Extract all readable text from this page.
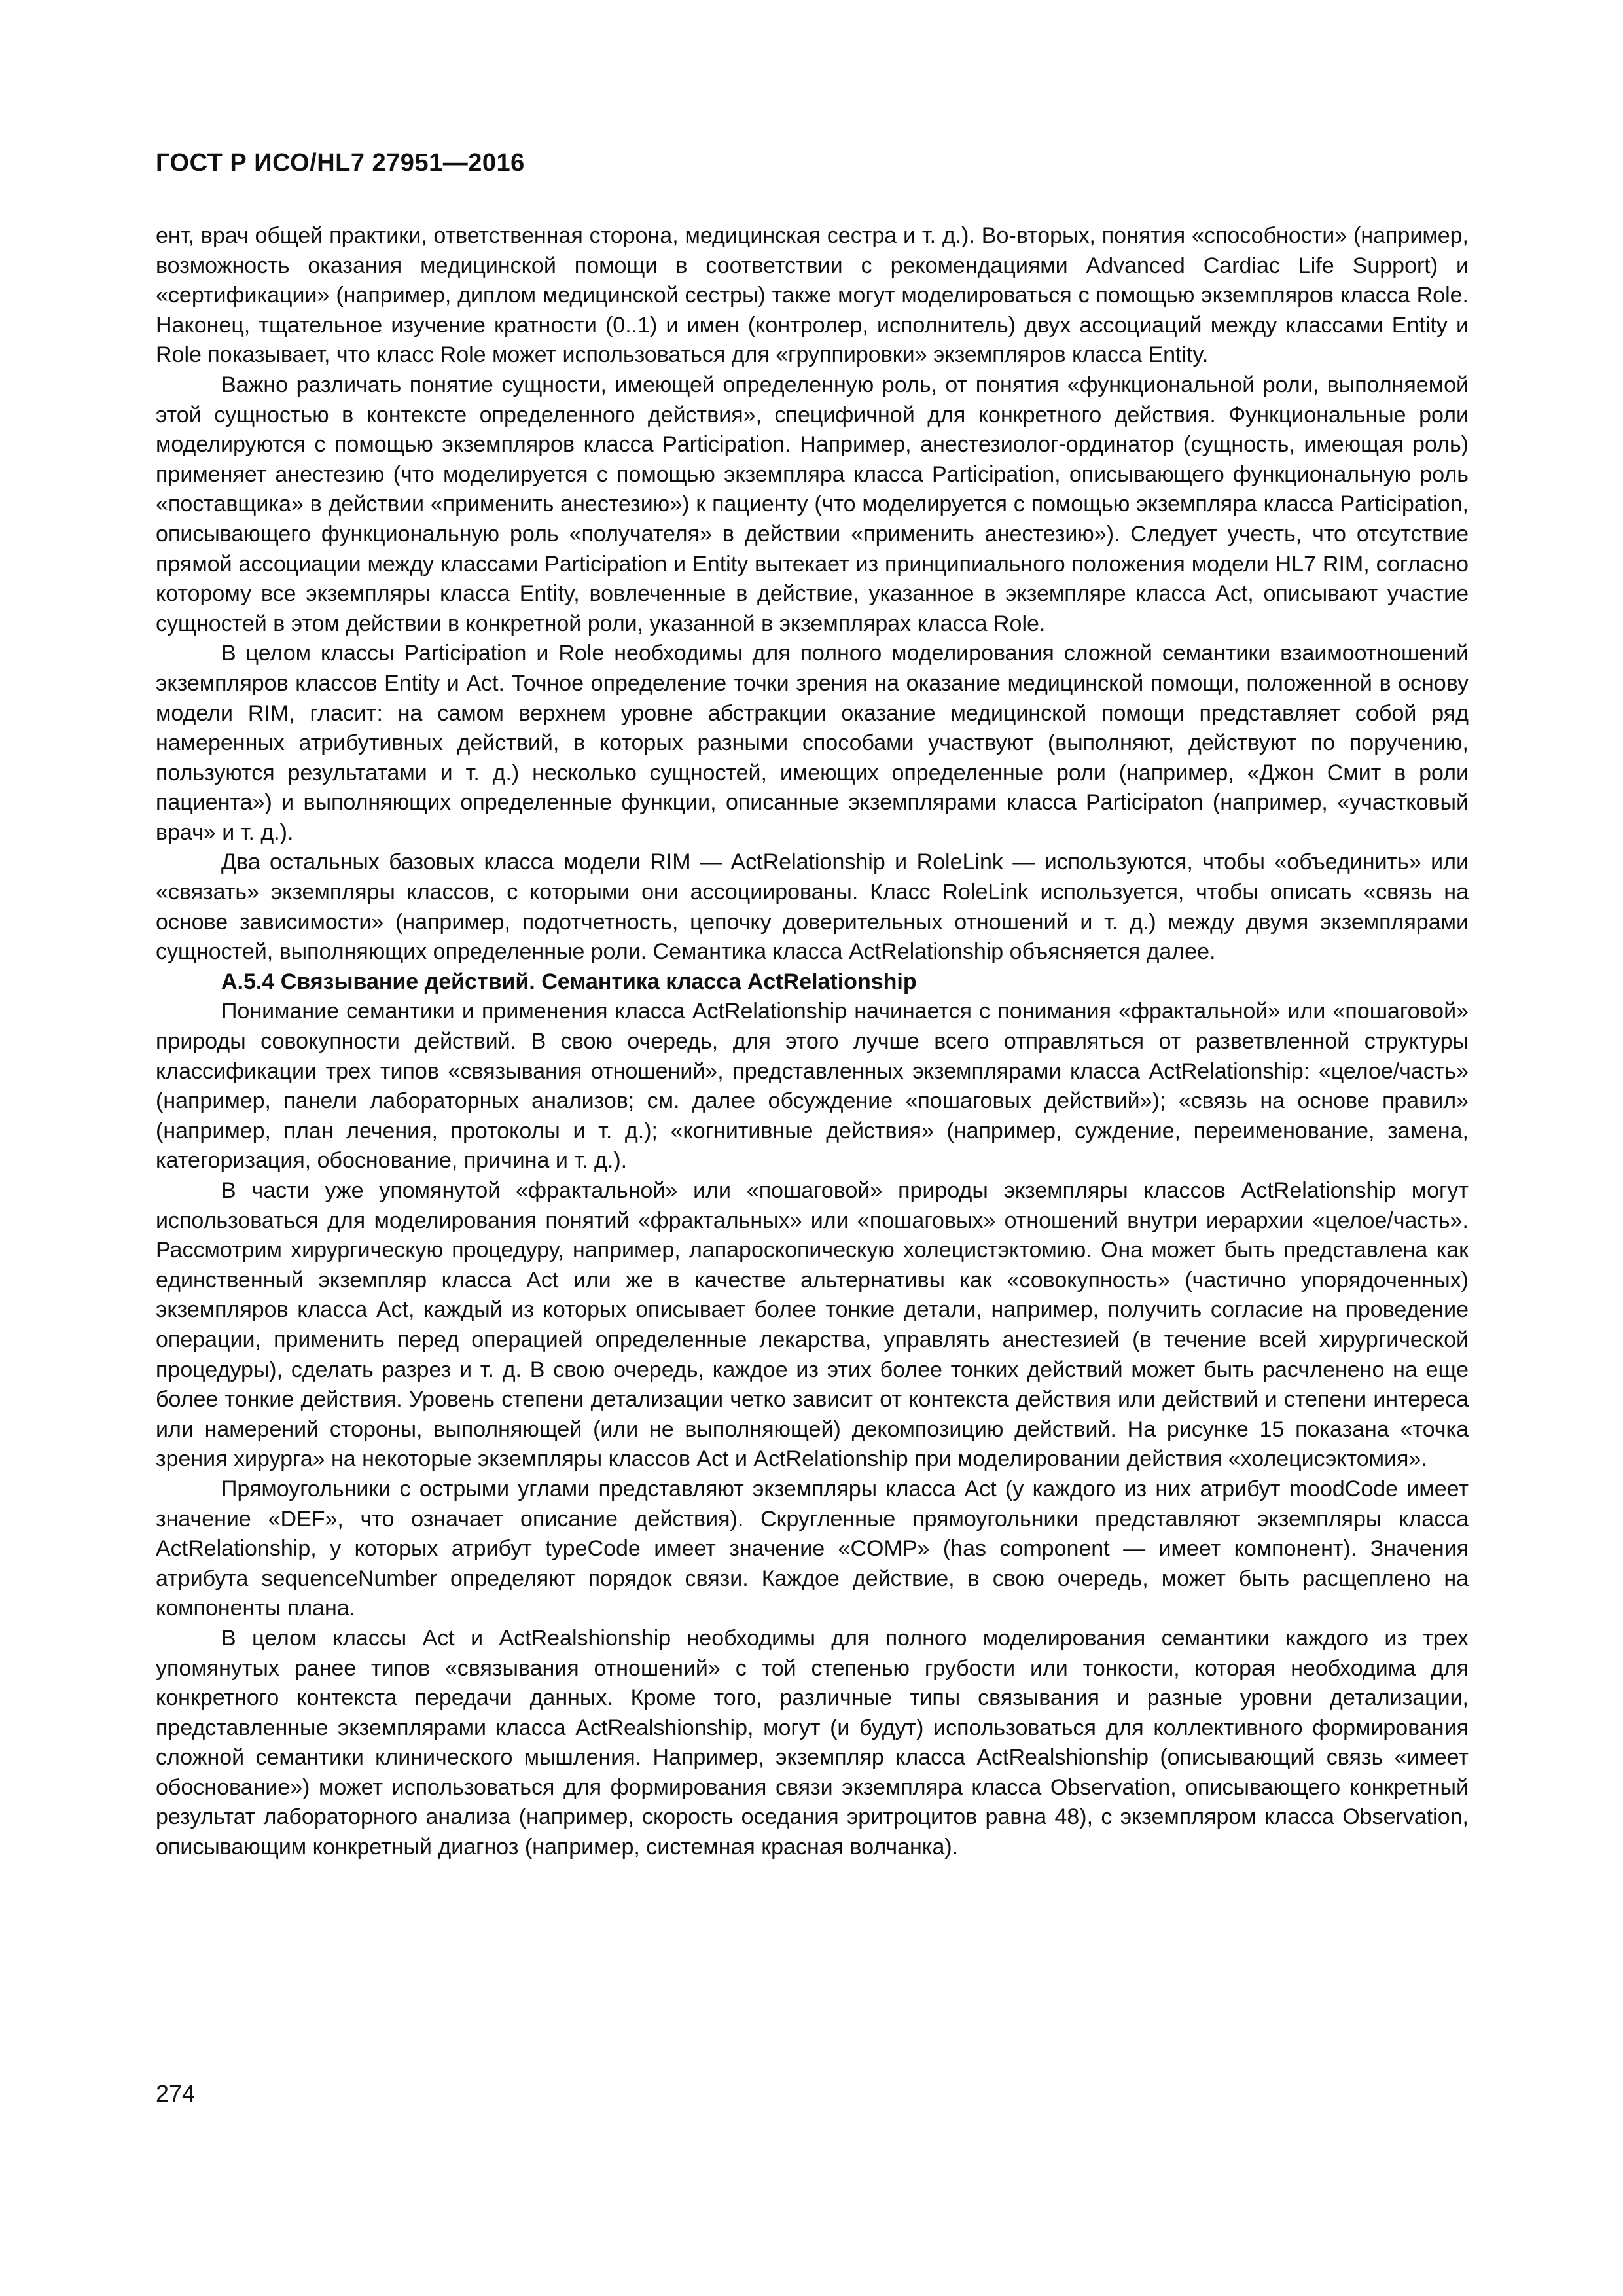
ГОСТ Р ИСО/HL7 27951—2016

ент, врач общей практики, ответственная сторона, медицинская сестра и т. д.). Во-вторых, понятия «способности» (например, возможность оказания медицинской помощи в соответствии с рекомендациями Advanced Cardiac Life Support) и «сертификации» (например, диплом медицинской сестры) также могут моделироваться с помощью экземпляров класса Role. Наконец, тщательное изучение кратности (0..1) и имен (контролер, исполнитель) двух ассоциаций между классами Entity и Role показывает, что класс Role может использоваться для «группировки» экземпляров класса Entity.

Важно различать понятие сущности, имеющей определенную роль, от понятия «функциональной роли, выполняемой этой сущностью в контексте определенного действия», специфичной для конкретного действия. Функциональные роли моделируются с помощью экземпляров класса Participation. Например, анестезиолог-ординатор (сущность, имеющая роль) применяет анестезию (что моделируется с помощью экземпляра класса Participation, описывающего функциональную роль «поставщика» в действии «применить анестезию») к пациенту (что моделируется с помощью экземпляра класса Participation, описывающего функциональную роль «получателя» в действии «применить анестезию»). Следует учесть, что отсутствие прямой ассоциации между классами Participation и Entity вытекает из принципиального положения модели HL7 RIM, согласно которому все экземпляры класса Entity, вовлеченные в действие, указанное в экземпляре класса Act, описывают участие сущностей в этом действии в конкретной роли, указанной в экземплярах класса Role.

В целом классы Participation и Role необходимы для полного моделирования сложной семантики взаимоотношений экземпляров классов Entity и Act. Точное определение точки зрения на оказание медицинской помощи, положенной в основу модели RIM, гласит: на самом верхнем уровне абстракции оказание медицинской помощи представляет собой ряд намеренных атрибутивных действий, в которых разными способами участвуют (выполняют, действуют по поручению, пользуются результатами и т. д.) несколько сущностей, имеющих определенные роли (например, «Джон Смит в роли пациента») и выполняющих определенные функции, описанные экземплярами класса Participaton (например, «участковый врач» и т. д.).

Два остальных базовых класса модели RIM — ActRelationship и RoleLink — используются, чтобы «объединить» или «связать» экземпляры классов, с которыми они ассоциированы. Класс RoleLink используется, чтобы описать «связь на основе зависимости» (например, подотчетность, цепочку доверительных отношений и т. д.) между двумя экземплярами сущностей, выполняющих определенные роли. Семантика класса ActRelationship объясняется далее.

А.5.4 Связывание действий. Семантика класса ActRelationship

Понимание семантики и применения класса ActRelationship начинается с понимания «фрактальной» или «пошаговой» природы совокупности действий. В свою очередь, для этого лучше всего отправляться от разветвленной структуры классификации трех типов «связывания отношений», представленных экземплярами класса ActRelationship: «целое/часть» (например, панели лабораторных анализов; см. далее обсуждение «пошаговых действий»); «связь на основе правил» (например, план лечения, протоколы и т. д.); «когнитивные действия» (например, суждение, переименование, замена, категоризация, обоснование, причина и т. д.).

В части уже упомянутой «фрактальной» или «пошаговой» природы экземпляры классов ActRelationship могут использоваться для моделирования понятий «фрактальных» или «пошаговых» отношений внутри иерархии «целое/часть». Рассмотрим хирургическую процедуру, например, лапароскопическую холецистэктомию. Она может быть представлена как единственный экземпляр класса Act или же в качестве альтернативы как «совокупность» (частично упорядоченных) экземпляров класса Act, каждый из которых описывает более тонкие детали, например, получить согласие на проведение операции, применить перед операцией определенные лекарства, управлять анестезией (в течение всей хирургической процедуры), сделать разрез и т. д. В свою очередь, каждое из этих более тонких действий может быть расчленено на еще более тонкие действия. Уровень степени детализации четко зависит от контекста действия или действий и степени интереса или намерений стороны, выполняющей (или не выполняющей) декомпозицию действий. На рисунке 15 показана «точка зрения хирурга» на некоторые экземпляры классов Act и ActRelationship при моделировании действия «холецисэктомия».

Прямоугольники с острыми углами представляют экземпляры класса Act (у каждого из них атрибут moodCode имеет значение «DEF», что означает описание действия). Скругленные прямоугольники представляют экземпляры класса ActRelationship, у которых атрибут typeCode имеет значение «COMP» (has component — имеет компонент). Значения атрибута sequenceNumber определяют порядок связи. Каждое действие, в свою очередь, может быть расщеплено на компоненты плана.

В целом классы Act и ActRealshionship необходимы для полного моделирования семантики каждого из трех упомянутых ранее типов «связывания отношений» с той степенью грубости или тонкости, которая необходима для конкретного контекста передачи данных. Кроме того, различные типы связывания и разные уровни детализации, представленные экземплярами класса ActRealshionship, могут (и будут) использоваться для коллективного формирования сложной семантики клинического мышления. Например, экземпляр класса ActRealshionship (описывающий связь «имеет обоснование») может использоваться для формирования связи экземпляра класса Observation, описывающего конкретный результат лабораторного анализа (например, скорость оседания эритроцитов равна 48), с экземпляром класса Observation, описывающим конкретный диагноз (например, системная красная волчанка).

274
